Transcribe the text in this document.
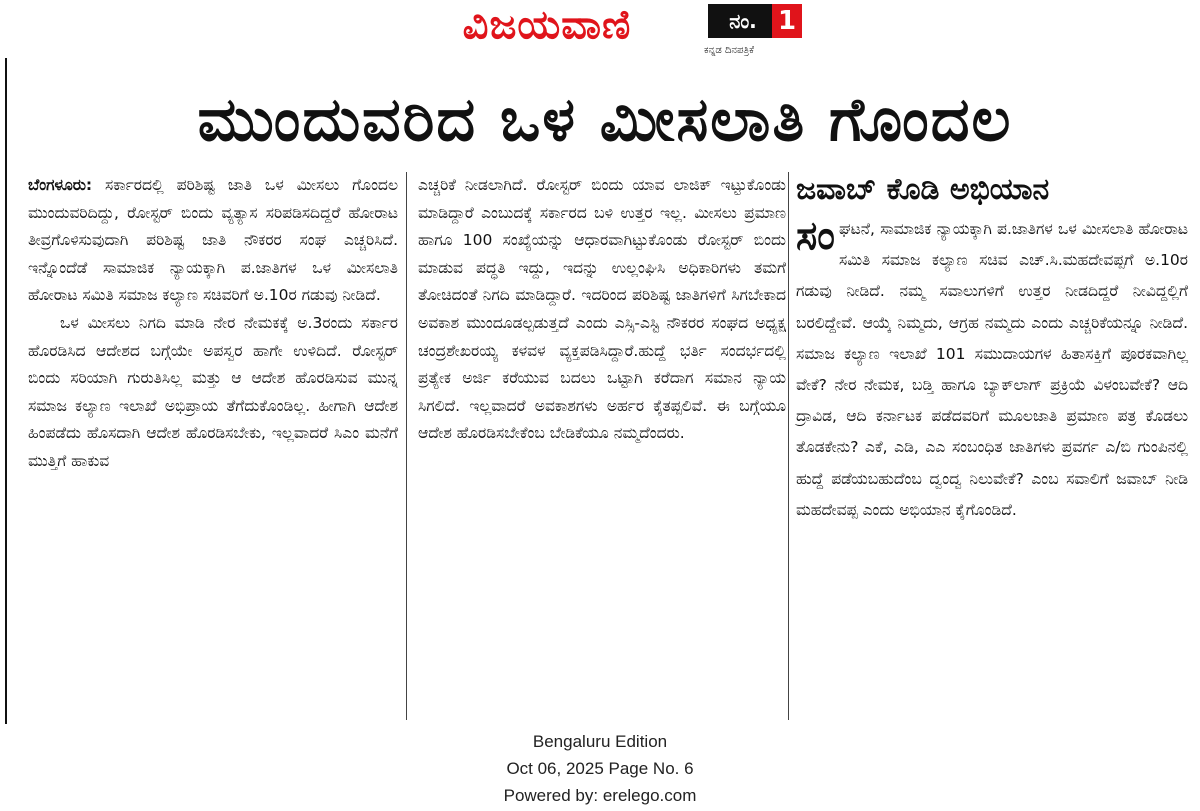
ವಿಜಯವಾಣಿ	ನಂ. 1
ಕನ್ನಡ ದಿನಪತ್ರಿಕೆ
ಮುಂದುವರಿದ ಒಳ ಮೀಸಲಾತಿ ಗೊಂದಲ

ಬೆಂಗಳೂರು: ಸರ್ಕಾರದಲ್ಲಿ ಪರಿಶಿಷ್ಟ ಜಾತಿ ಒಳ ಮೀಸಲು ಗೊಂದಲ ಮುಂದುವರಿದಿದ್ದು, ರೋಸ್ಟರ್ ಬಿಂದು ವ್ಯತ್ಯಾಸ ಸರಿಪಡಿಸದಿದ್ದರೆ ಹೋರಾಟ ತೀವ್ರಗೊಳಿಸುವುದಾಗಿ ಪರಿಶಿಷ್ಟ ಜಾತಿ ನೌಕರರ ಸಂಘ ಎಚ್ಚರಿಸಿದೆ. ಇನ್ನೊಂದೆಡೆ ಸಾಮಾಜಿಕ ನ್ಯಾಯಕ್ಕಾಗಿ ಪ.ಜಾತಿಗಳ ಒಳ ಮೀಸಲಾತಿ ಹೋರಾಟ ಸಮಿತಿ ಸಮಾಜ ಕಲ್ಯಾಣ ಸಚಿವರಿಗೆ ಅ.10ರ ಗಡುವು ನೀಡಿದೆ.

ಒಳ ಮೀಸಲು ನಿಗದಿ ಮಾಡಿ ನೇರ ನೇಮಕಕ್ಕೆ ಅ.3ರಂದು ಸರ್ಕಾರ ಹೊರಡಿಸಿದ ಆದೇಶದ ಬಗ್ಗೆಯೇ ಅಪಸ್ವರ ಹಾಗೇ ಉಳಿದಿದೆ. ರೋಸ್ಟರ್ ಬಿಂದು ಸರಿಯಾಗಿ ಗುರುತಿಸಿಲ್ಲ ಮತ್ತು ಆ ಆದೇಶ ಹೊರಡಿಸುವ ಮುನ್ನ ಸಮಾಜ ಕಲ್ಯಾಣ ಇಲಾಖೆ ಅಭಿಪ್ರಾಯ ತೆಗೆದುಕೊಂಡಿಲ್ಲ. ಹೀಗಾಗಿ ಆದೇಶ ಹಿಂಪಡೆದು ಹೊಸದಾಗಿ ಆದೇಶ ಹೊರಡಿಸಬೇಕು, ಇಲ್ಲವಾದರೆ ಸಿಎಂ ಮನೆಗೆ ಮುತ್ತಿಗೆ ಹಾಕುವ

ಎಚ್ಚರಿಕೆ ನೀಡಲಾಗಿದೆ. ರೋಸ್ಟರ್ ಬಿಂದು ಯಾವ ಲಾಜಿಕ್ ಇಟ್ಟುಕೊಂಡು ಮಾಡಿದ್ದಾರೆ ಎಂಬುದಕ್ಕೆ ಸರ್ಕಾರದ ಬಳಿ ಉತ್ತರ ಇಲ್ಲ. ಮೀಸಲು ಪ್ರಮಾಣ ಹಾಗೂ 100 ಸಂಖ್ಯೆಯನ್ನು ಆಧಾರವಾಗಿಟ್ಟುಕೊಂಡು ರೋಸ್ಟರ್ ಬಿಂದು ಮಾಡುವ ಪದ್ಧತಿ ಇದ್ದು, ಇದನ್ನು ಉಲ್ಲಂಘಿಸಿ ಅಧಿಕಾರಿಗಳು ತಮಗೆ ತೋಚಿದಂತೆ ನಿಗದಿ ಮಾಡಿದ್ದಾರೆ. ಇದರಿಂದ ಪರಿಶಿಷ್ಟ ಜಾತಿಗಳಿಗೆ ಸಿಗಬೇಕಾದ ಅವಕಾಶ ಮುಂದೂಡಲ್ಪಡುತ್ತದೆ ಎಂದು ಎಸ್ಸಿ-ಎಸ್ಟಿ ನೌಕರರ ಸಂಘದ ಅಧ್ಯಕ್ಷ ಚಂದ್ರಶೇಖರಯ್ಯ ಕಳವಳ ವ್ಯಕ್ತಪಡಿಸಿದ್ದಾರೆ.ಹುದ್ದೆ ಭರ್ತಿ ಸಂದರ್ಭದಲ್ಲಿ ಪ್ರತ್ಯೇಕ ಅರ್ಜಿ ಕರೆಯುವ ಬದಲು ಒಟ್ಟಾಗಿ ಕರೆದಾಗ ಸಮಾನ ನ್ಯಾಯ ಸಿಗಲಿದೆ. ಇಲ್ಲವಾದರೆ ಅವಕಾಶಗಳು ಅರ್ಹರ ಕೈತಪ್ಪಲಿವೆ. ಈ ಬಗ್ಗೆಯೂ ಆದೇಶ ಹೊರಡಿಸಬೇಕೆಂಬ ಬೇಡಿಕೆಯೂ ನಮ್ಮದೆಂದರು.

ಜವಾಬ್ ಕೊಡಿ ಅಭಿಯಾನ
ಸಂಘಟನೆ, ಸಾಮಾಜಿಕ ನ್ಯಾಯಕ್ಕಾಗಿ ಪ.ಜಾತಿಗಳ ಒಳ ಮೀಸಲಾತಿ ಹೋರಾಟ ಸಮಿತಿ ಸಮಾಜ ಕಲ್ಯಾಣ ಸಚಿವ ಎಚ್.ಸಿ.ಮಹದೇವಪ್ಪಗೆ ಅ.10ರ ಗಡುವು ನೀಡಿದೆ. ನಮ್ಮ ಸವಾಲುಗಳಿಗೆ ಉತ್ತರ ನೀಡದಿದ್ದರೆ ನೀವಿದ್ದಲ್ಲಿಗೆ ಬರಲಿದ್ದೇವೆ. ಆಯ್ಕೆ ನಿಮ್ಮದು, ಆಗ್ರಹ ನಮ್ಮದು ಎಂದು ಎಚ್ಚರಿಕೆಯನ್ನೂ ನೀಡಿದೆ. ಸಮಾಜ ಕಲ್ಯಾಣ ಇಲಾಖೆ 101 ಸಮುದಾಯಗಳ ಹಿತಾಸಕ್ತಿಗೆ ಪೂರಕವಾಗಿಲ್ಲ ವೇಕೆ? ನೇರ ನೇಮಕ, ಬಡ್ತಿ ಹಾಗೂ ಬ್ಯಾಕ್‌ಲಾಗ್ ಪ್ರಕ್ರಿಯೆ ವಿಳಂಬವೇಕೆ? ಆದಿ ದ್ರಾವಿಡ, ಆದಿ ಕರ್ನಾಟಕ ಪಡೆದವರಿಗೆ ಮೂಲಜಾತಿ ಪ್ರಮಾಣ ಪತ್ರ ಕೊಡಲು ತೊಡಕೇನು? ಎಕೆ, ಎಡಿ, ಎಎ ಸಂಬಂಧಿತ ಜಾತಿಗಳು ಪ್ರವರ್ಗ ಎ/ಬಿ ಗುಂಪಿನಲ್ಲಿ ಹುದ್ದೆ ಪಡೆಯಬಹುದೆಂಬ ದ್ವಂದ್ವ ನಿಲುವೇಕೆ? ಎಂಬ ಸವಾಲಿಗೆ ಜವಾಬ್ ನೀಡಿ ಮಹದೇವಪ್ಪ ಎಂದು ಅಭಿಯಾನ ಕೈಗೊಂಡಿದೆ.
Bengaluru Edition
Oct 06, 2025 Page No. 6
Powered by: erelego.com
